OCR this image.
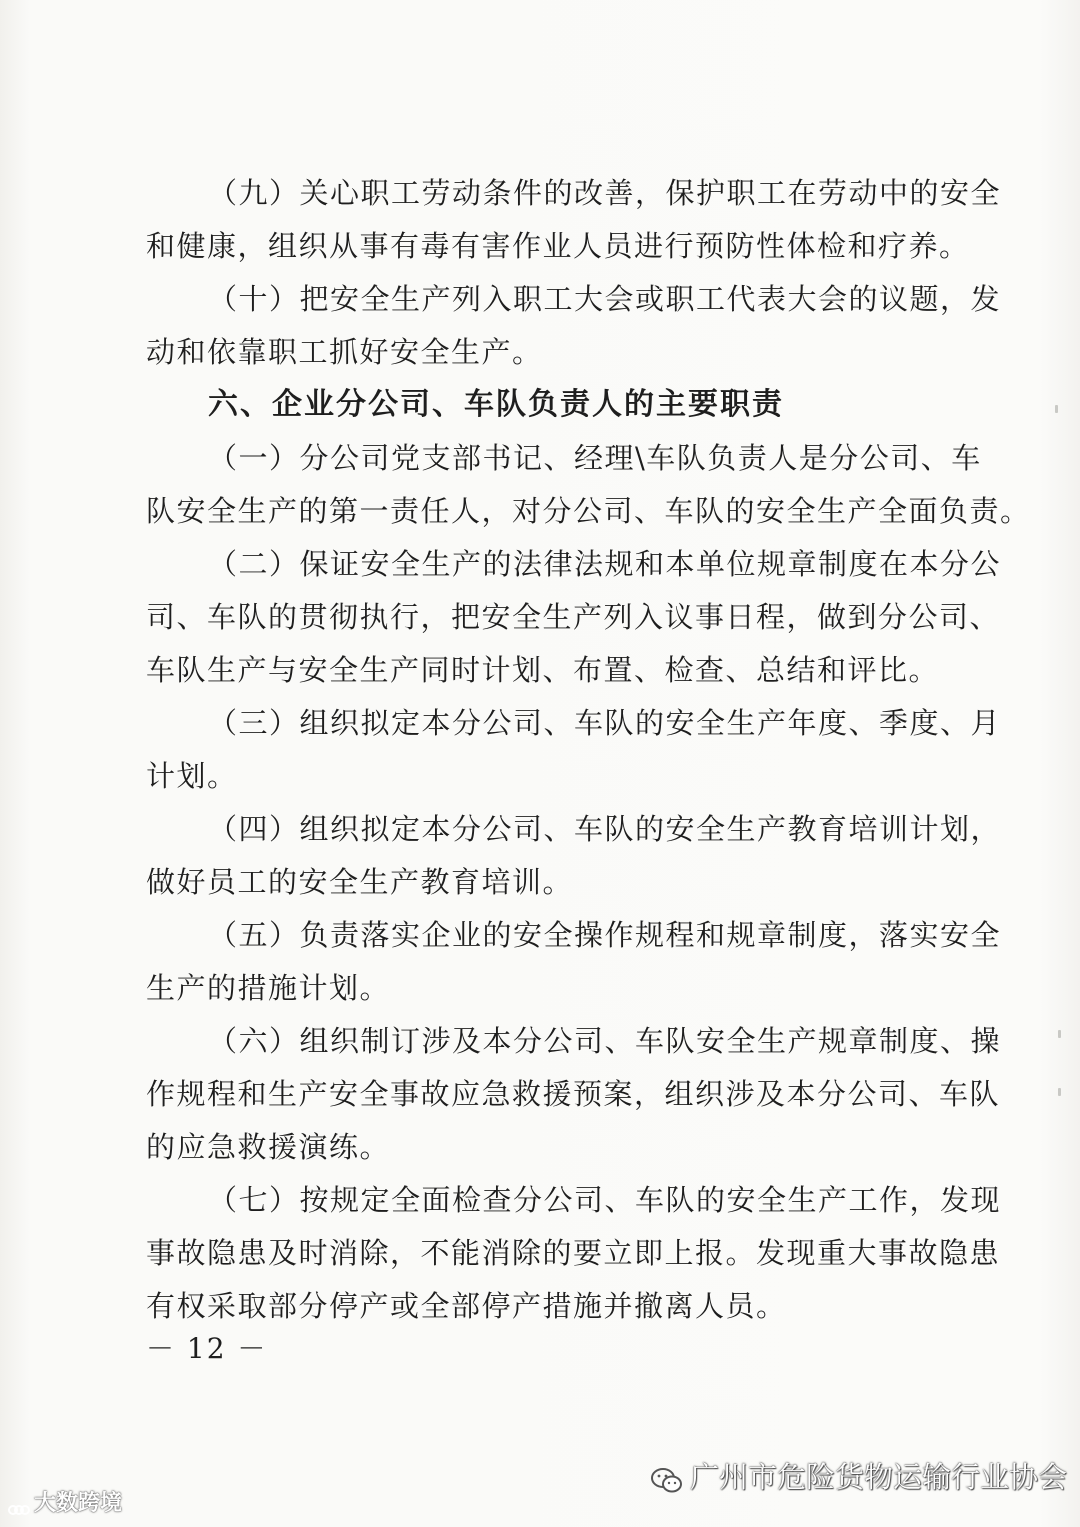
（九）关心职工劳动条件的改善，保护职工在劳动中的安全
和健康，组织从事有毒有害作业人员进行预防性体检和疗养。
（十）把安全生产列入职工大会或职工代表大会的议题，发
动和依靠职工抓好安全生产。
六、企业分公司、车队负责人的主要职责
（一）分公司党支部书记、经理\车队负责人是分公司、车
队安全生产的第一责任人，对分公司、车队的安全生产全面负责。
（二）保证安全生产的法律法规和本单位规章制度在本分公
司、车队的贯彻执行，把安全生产列入议事日程，做到分公司、
车队生产与安全生产同时计划、布置、检查、总结和评比。
（三）组织拟定本分公司、车队的安全生产年度、季度、月
计划。
（四）组织拟定本分公司、车队的安全生产教育培训计划，
做好员工的安全生产教育培训。
（五）负责落实企业的安全操作规程和规章制度，落实安全
生产的措施计划。
（六）组织制订涉及本分公司、车队安全生产规章制度、操
作规程和生产安全事故应急救援预案，组织涉及本分公司、车队
的应急救援演练。
（七）按规定全面检查分公司、车队的安全生产工作，发现
事故隐患及时消除，不能消除的要立即上报。发现重大事故隐患
有权采取部分停产或全部停产措施并撤离人员。
－ 12 －
广州市危险货物运输行业协会
大数跨境
